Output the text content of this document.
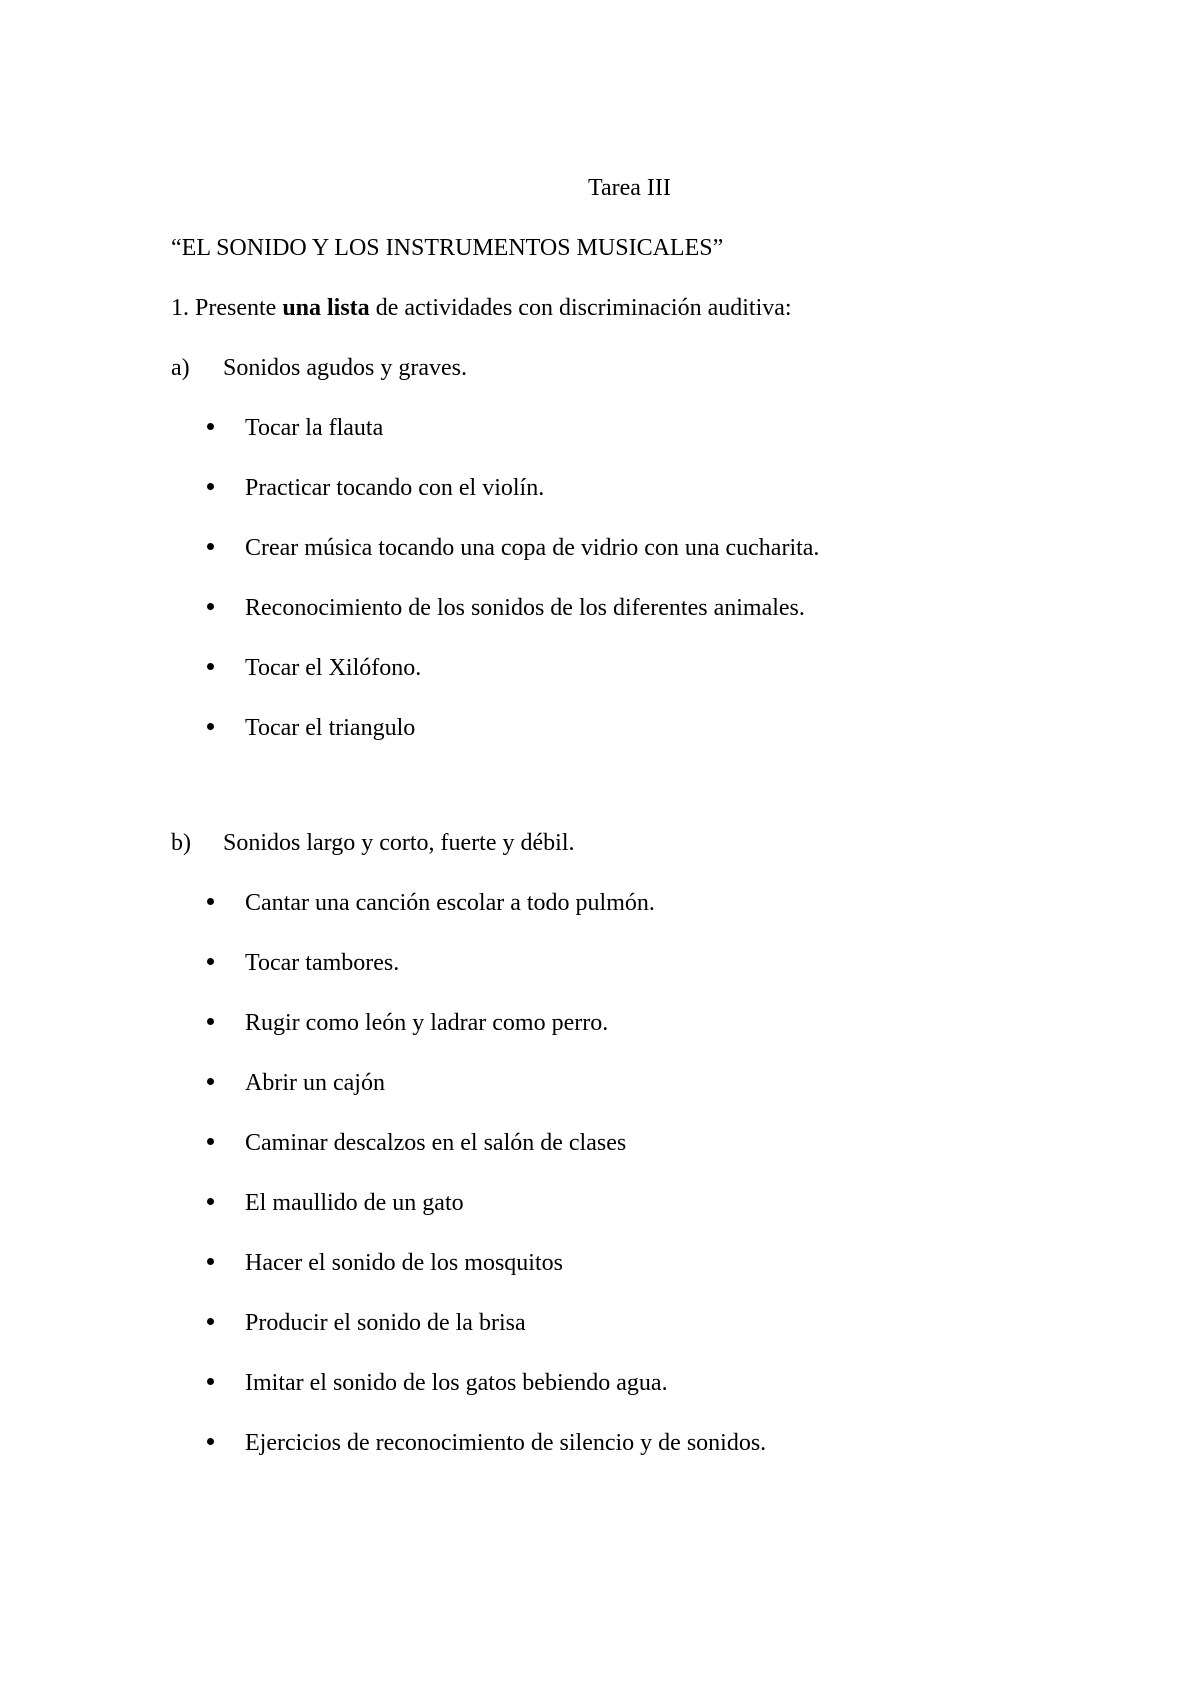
Tarea III
“EL SONIDO Y LOS INSTRUMENTOS MUSICALES”
1. Presente una lista de actividades con discriminación auditiva:
a) Sonidos agudos y graves.
Tocar la flauta
Practicar tocando con el violín.
Crear música tocando una copa de vidrio con una cucharita.
Reconocimiento de los sonidos de los diferentes animales.
Tocar el Xilófono.
Tocar el triangulo
b) Sonidos largo y corto, fuerte y débil.
Cantar una canción escolar a todo pulmón.
Tocar tambores.
Rugir como león y ladrar como perro.
Abrir un cajón
Caminar descalzos en el salón de clases
El maullido de un gato
Hacer el sonido de los mosquitos
Producir el sonido de la brisa
Imitar el sonido de los gatos bebiendo agua.
Ejercicios de reconocimiento de silencio y de sonidos.
